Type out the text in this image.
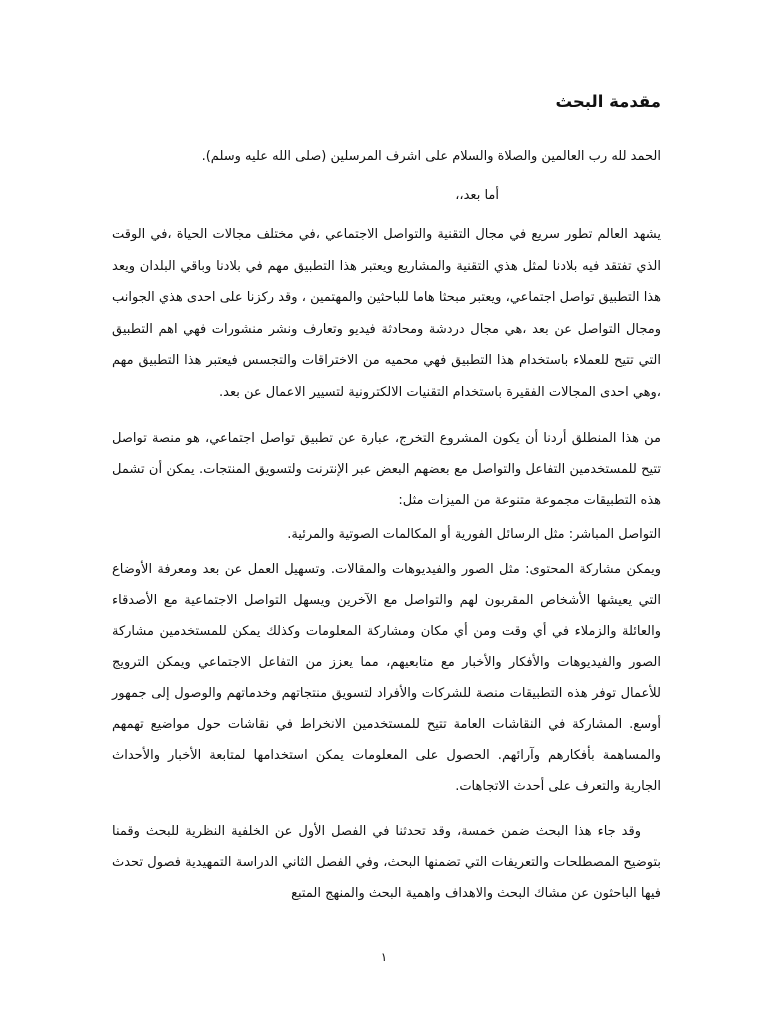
مقدمة البحث

الحمد لله رب العالمين والصلاة والسلام على اشرف المرسلين (صلى الله عليه وسلم).

أما بعد،،

يشهد العالم تطور سريع في مجال التقنية والتواصل الاجتماعي ،في مختلف مجالات الحياة ،في الوقت الذي تفتقد فيه بلادنا لمثل هذي التقنية والمشاريع ويعتبر هذا التطبيق مهم في بلادنا وباقي البلدان ويعد هذا التطبيق تواصل اجتماعي، ويعتبر مبحثا هاما للباحثين والمهتمين ، وقد ركزنا على احدى هذي الجوانب ومجال التواصل عن بعد ،هي مجال دردشة ومحادثة فيديو وتعارف ونشر منشورات فهي اهم التطبيق التي تتيح للعملاء باستخدام هذا التطبيق فهي محميه من الاختراقات والتجسس فيعتبر هذا التطبيق مهم ،وهي احدى المجالات الفقيرة باستخدام التقنيات الالكترونية لتسيير الاعمال عن بعد.

من هذا المنطلق أردنا أن يكون المشروع التخرج، عبارة عن تطبيق تواصل اجتماعي، هو منصة تواصل تتيح للمستخدمين التفاعل والتواصل مع بعضهم البعض عبر الإنترنت ولتسويق المنتجات. يمكن أن تشمل هذه التطبيقات مجموعة متنوعة من الميزات مثل:

التواصل المباشر: مثل الرسائل الفورية أو المكالمات الصوتية والمرئية.

ويمكن مشاركة المحتوى: مثل الصور والفيديوهات والمقالات. وتسهيل العمل عن بعد ومعرفة الأوضاع التي يعيشها الأشخاص المقربون لهم والتواصل مع الآخرين ويسهل التواصل الاجتماعية مع الأصدقاء والعائلة والزملاء في أي وقت ومن أي مكان ومشاركة المعلومات وكذلك يمكن للمستخدمين مشاركة الصور والفيديوهات والأفكار والأخبار مع متابعيهم، مما يعزز من التفاعل الاجتماعي ويمكن الترويج للأعمال توفر هذه التطبيقات منصة للشركات والأفراد لتسويق منتجاتهم وخدماتهم والوصول إلى جمهور أوسع. المشاركة في النقاشات العامة تتيح للمستخدمين الانخراط في نقاشات حول مواضيع تهمهم والمساهمة بأفكارهم وآرائهم. الحصول على المعلومات يمكن استخدامها لمتابعة الأخبار والأحداث الجارية والتعرف على أحدث الاتجاهات.

وقد جاء هذا البحث ضمن خمسة، وقد تحدثنا في الفصل الأول عن الخلفية النظرية للبحث وقمنا بتوضيح المصطلحات والتعريفات التي تضمنها البحث، وفي الفصل الثاني الدراسة التمهيدية فصول تحدث فيها الباحثون عن مشاك البحث والاهداف واهمية البحث والمنهج المتبع

١
